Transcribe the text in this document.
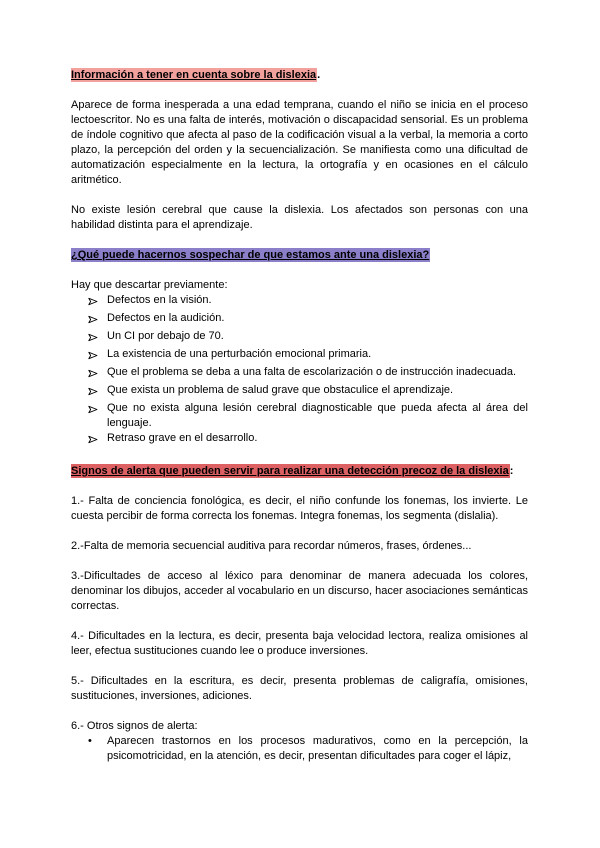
Información a tener en cuenta sobre la dislexia.

Aparece de forma inesperada a una edad temprana, cuando el niño se inicia en el proceso lectoescritor. No es una falta de interés, motivación o discapacidad sensorial. Es un problema de índole cognitivo que afecta al paso de la codificación visual a la verbal, la memoria a corto plazo, la percepción del orden y la secuencialización. Se manifiesta como una dificultad de automatización especialmente en la lectura, la ortografía y en ocasiones en el cálculo aritmético.

No existe lesión cerebral que cause la dislexia. Los afectados son personas con una habilidad distinta para el aprendizaje.

¿Qué puede hacernos sospechar de que estamos ante una dislexia?

Hay que descartar previamente:

Defectos en la visión.
Defectos en la audición.
Un CI por debajo de 70.
La existencia de una perturbación emocional primaria.
Que el problema se deba a una falta de escolarización o de instrucción inadecuada.
Que exista un problema de salud grave que obstaculice el aprendizaje.
Que no exista alguna lesión cerebral diagnosticable que pueda afecta al área del lenguaje.
Retraso grave en el desarrollo.

Signos de alerta que pueden servir para realizar una detección precoz de la dislexia:

1.- Falta de conciencia fonológica, es decir, el niño confunde los fonemas, los invierte. Le cuesta percibir de forma correcta los fonemas. Integra fonemas, los segmenta (dislalia).

2.-Falta de memoria secuencial auditiva para recordar números, frases, órdenes...

3.-Dificultades de acceso al léxico para denominar de manera adecuada los colores, denominar los dibujos, acceder al vocabulario en un discurso, hacer asociaciones semánticas correctas.

4.- Dificultades en la lectura, es decir, presenta baja velocidad lectora, realiza omisiones al leer, efectua sustituciones cuando lee o produce inversiones.

5.- Dificultades en la escritura, es decir, presenta problemas de caligrafía, omisiones, sustituciones, inversiones, adiciones.

6.- Otros signos de alerta:

•	Aparecen trastornos en los procesos madurativos, como en la percepción, la psicomotricidad, en la atención, es decir, presentan dificultades para coger el lápiz,
